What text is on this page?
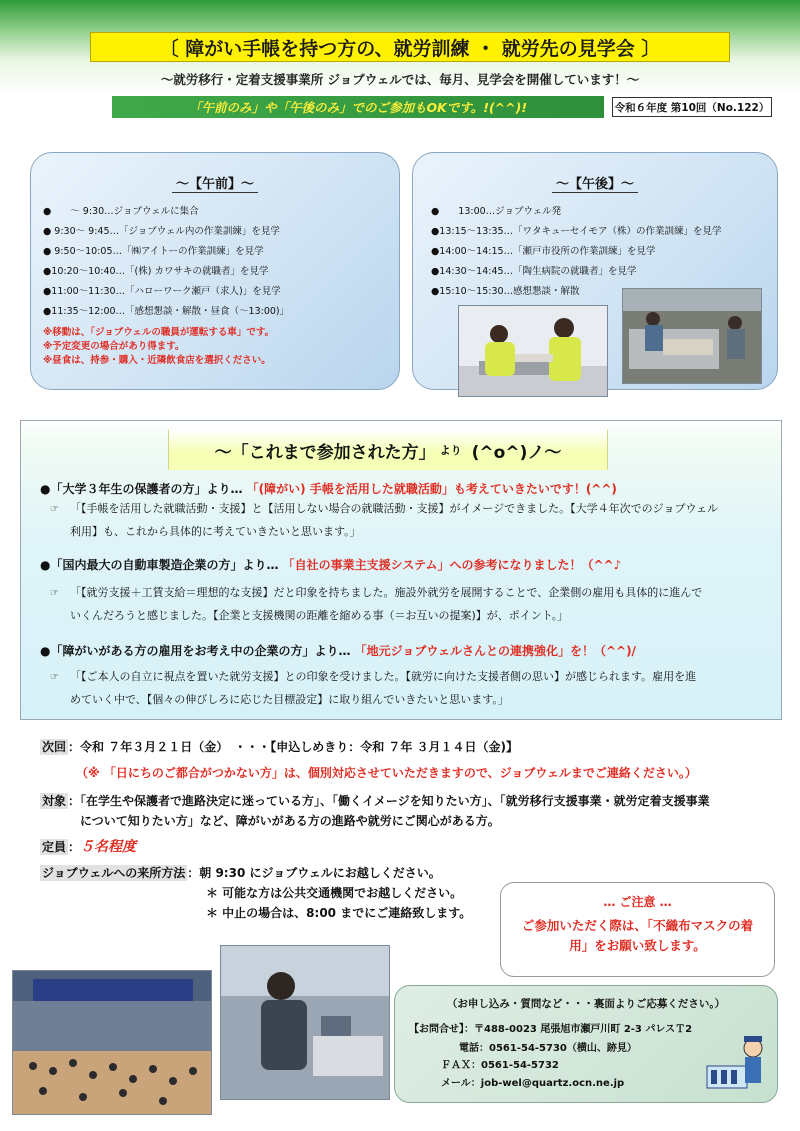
〔 障がい手帳を持つ方の、就労訓練 ・ 就労先の見学会 〕
～就労移行・定着支援事業所 ジョブウェルでは、毎月、見学会を開催しています！～
「午前のみ」や「午後のみ」でのご参加もOKです。!(^^)!	令和６年度 第10回（No.122）
～【午前】～
●　　～ 9:30…ジョブウェルに集合
● 9:30～ 9:45…「ジョブウェル内の作業訓練」を見学
● 9:50～10:05…「㈱アイトーの作業訓練」を見学
●10:20～10:40…「(株) カワサキの就職者」を見学
●11:00～11:30…「ハローワーク瀬戸（求人)」を見学
●11:35～12:00…「感想懇談・解散・昼食（～13:00)」
※移動は、「ジョブウェルの職員が運転する車」です。
※予定変更の場合があり得ます。
※昼食は、持参・購入・近隣飲食店を選択ください。
～【午後】～
●　　13:00…ジョブウェル発
●13:15～13:35…「ワタキューセイモア（株）の作業訓練」を見学
●14:00～14:15…「瀬戸市役所の作業訓練」を見学
●14:30～14:45…「陶生病院の就職者」を見学
●15:10～15:30…感想懇談・解散
～「これまで参加された方」 より (^o^)ノ～
●「大学３年生の保護者の方」より… 「(障がい) 手帳を活用した就職活動」も考えていきたいです！(^^)
☞ 「【手帳を活用した就職活動・支援】と【活用しない場合の就職活動・支援】がイメージできました。【大学４年次でのジョブウェル
利用】も、これから具体的に考えていきたいと思います。」
●「国内最大の自動車製造企業の方」より… 「自社の事業主支援システム」への参考になりました！（^^♪
☞ 「【就労支援＋工賃支給＝理想的な支援】だと印象を持ちました。施設外就労を展開することで、企業側の雇用も具体的に進んで
いくんだろうと感じました。【企業と支援機関の距離を縮める事（＝お互いの提案)】が、ポイント。」
●「障がいがある方の雇用をお考え中の企業の方」より… 「地元ジョブウェルさんとの連携強化」を！（^^)/
☞ 「【ご本人の自立に視点を置いた就労支援】との印象を受けました。【就労に向けた支援者側の思い】が感じられます。雇用を進
めていく中で、【個々の伸びしろに応じた目標設定】に取り組んでいきたいと思います。」
次回 ：令和 ７年３月２１日（金）　・・・【申込しめきり：令和 ７年 ３月１４日（金)】
（※ 「日にちのご都合がつかない方」は、個別対応させていただきますので、ジョブウェルまでご連絡ください。）
対象 ：「在学生や保護者で進路決定に迷っている方」、「働くイメージを知りたい方」、「就労移行支援事業・就労定着支援事業
について知りたい方」など、障がいがある方の進路や就労にご関心がある方。
定員 ：５名程度
ジョブウェルへの来所方法 ：朝 9:30 にジョブウェルにお越しください。
＊ 可能な方は公共交通機関でお越しください。
＊ 中止の場合は、8:00 までにご連絡致します。
… ご注意 …
ご参加いただく際は、「不織布マスクの着用」をお願い致します。
（お申し込み・質問など・・・裏面よりご応募ください。）
【お問合せ】：〒488-0023 尾張旭市瀬戸川町 2-3 パレスＴ2
電話：0561-54-5730（横山、跡見）
ＦＡＸ：0561-54-5732
メール：job-wel@quartz.ocn.ne.jp
